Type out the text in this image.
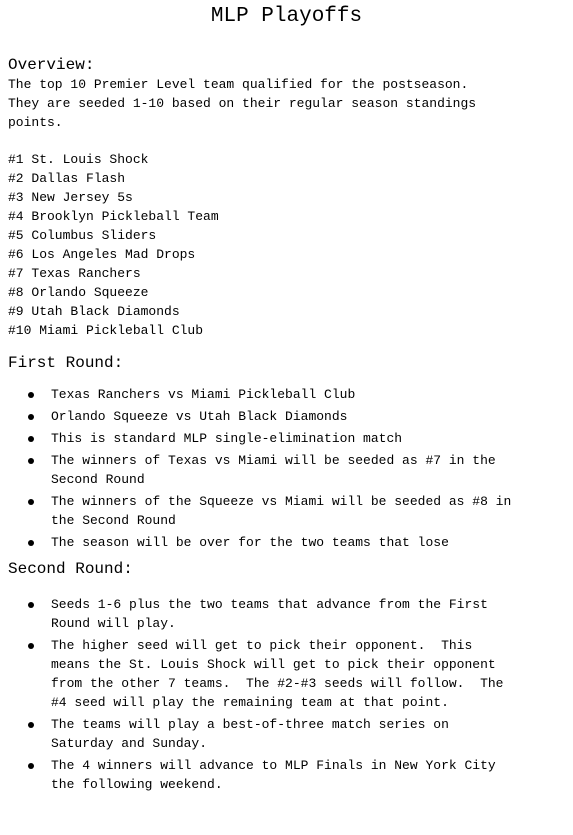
MLP Playoffs
Overview:

The top 10 Premier Level team qualified for the postseason.
They are seeded 1-10 based on their regular season standings
points.

#1 St. Louis Shock
#2 Dallas Flash
#3 New Jersey 5s
#4 Brooklyn Pickleball Team
#5 Columbus Sliders
#6 Los Angeles Mad Drops
#7 Texas Ranchers
#8 Orlando Squeeze
#9 Utah Black Diamonds
#10 Miami Pickleball Club
First Round:
Texas Ranchers vs Miami Pickleball Club
Orlando Squeeze vs Utah Black Diamonds
This is standard MLP single-elimination match
The winners of Texas vs Miami will be seeded as #7 in the
Second Round
The winners of the Squeeze vs Miami will be seeded as #8 in
the Second Round
The season will be over for the two teams that lose
Second Round:
Seeds 1-6 plus the two teams that advance from the First
Round will play.
The higher seed will get to pick their opponent.  This
means the St. Louis Shock will get to pick their opponent
from the other 7 teams.  The #2-#3 seeds will follow.  The
#4 seed will play the remaining team at that point.
The teams will play a best-of-three match series on
Saturday and Sunday.
The 4 winners will advance to MLP Finals in New York City
the following weekend.
